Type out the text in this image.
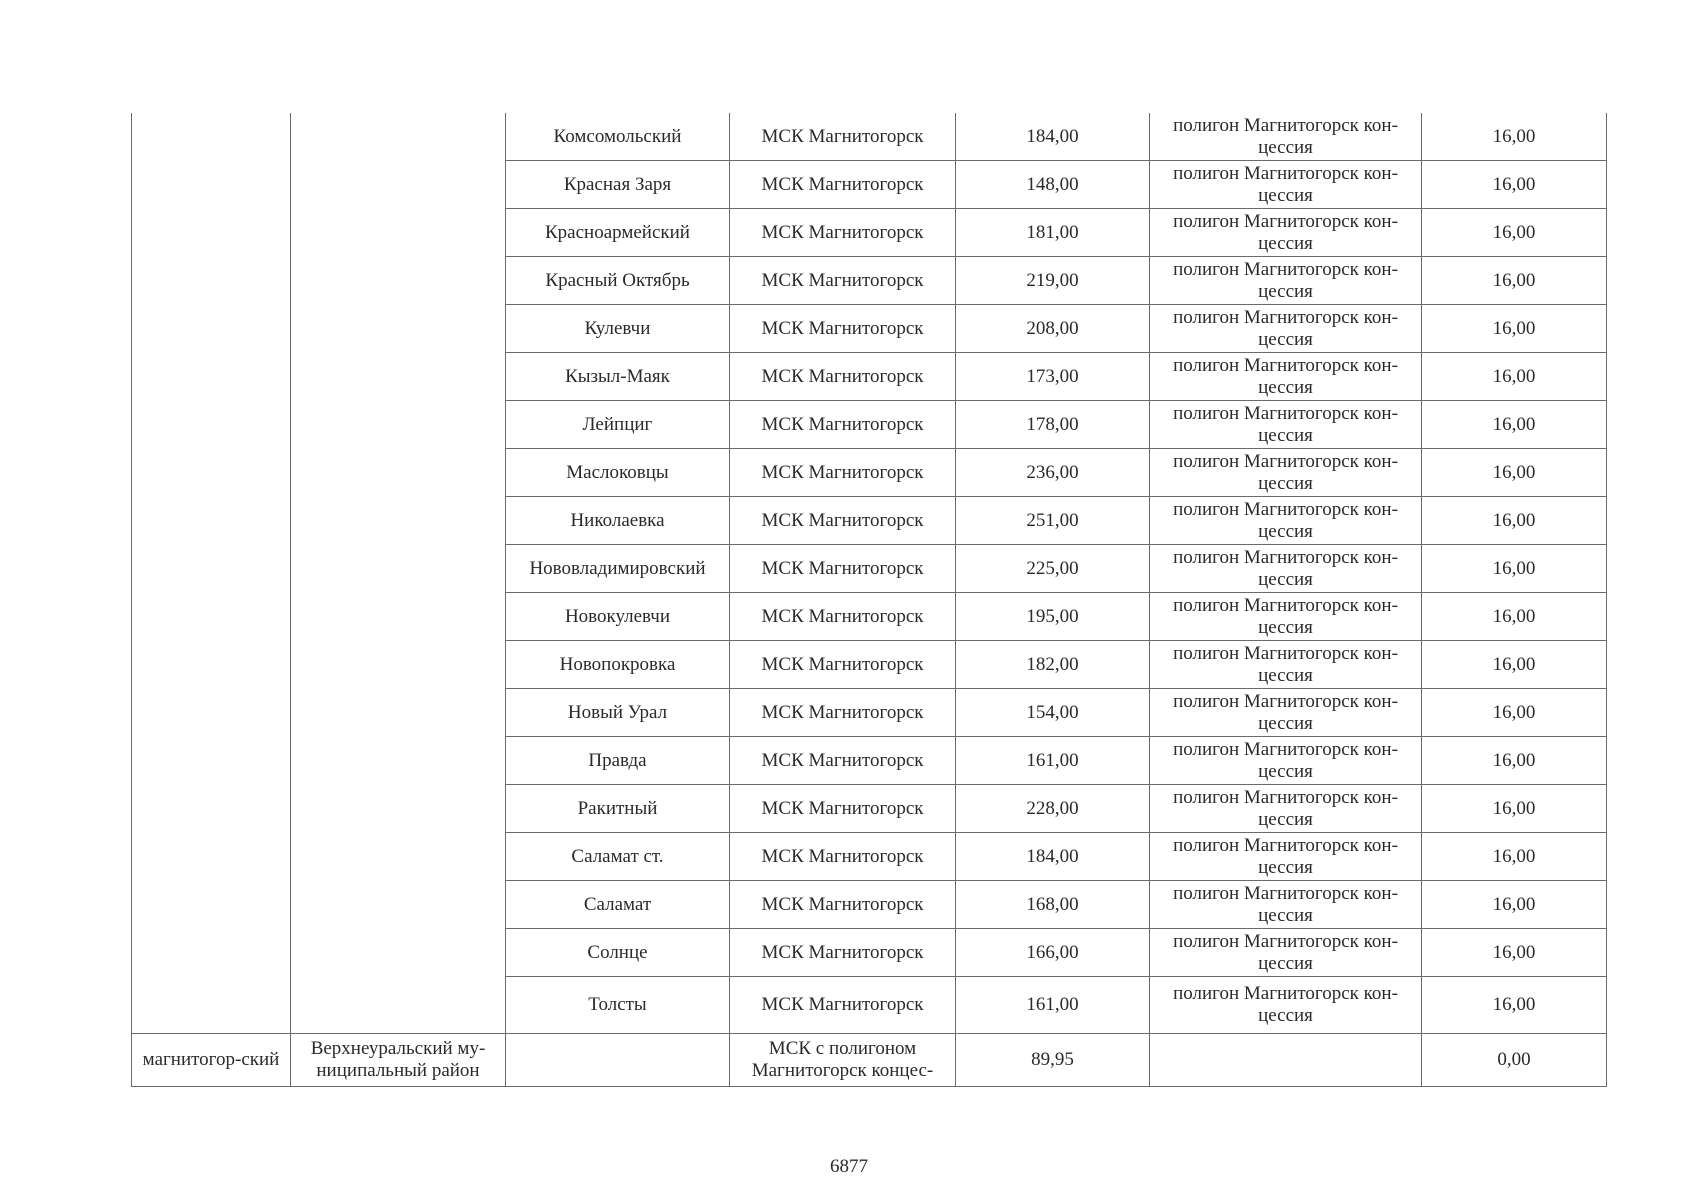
		Комсомольский	МСК Магнитогорск	184,00	полигон Магнитогорск кон-цессия	16,00
		Красная Заря	МСК Магнитогорск	148,00	полигон Магнитогорск кон-цессия	16,00
		Красноармейский	МСК Магнитогорск	181,00	полигон Магнитогорск кон-цессия	16,00
		Красный Октябрь	МСК Магнитогорск	219,00	полигон Магнитогорск кон-цессия	16,00
		Кулевчи	МСК Магнитогорск	208,00	полигон Магнитогорск кон-цессия	16,00
		Кызыл-Маяк	МСК Магнитогорск	173,00	полигон Магнитогорск кон-цессия	16,00
		Лейпциг	МСК Магнитогорск	178,00	полигон Магнитогорск кон-цессия	16,00
		Маслоковцы	МСК Магнитогорск	236,00	полигон Магнитогорск кон-цессия	16,00
		Николаевка	МСК Магнитогорск	251,00	полигон Магнитогорск кон-цессия	16,00
		Нововладимировский	МСК Магнитогорск	225,00	полигон Магнитогорск кон-цессия	16,00
		Новокулевчи	МСК Магнитогорск	195,00	полигон Магнитогорск кон-цессия	16,00
		Новопокровка	МСК Магнитогорск	182,00	полигон Магнитогорск кон-цессия	16,00
		Новый Урал	МСК Магнитогорск	154,00	полигон Магнитогорск кон-цессия	16,00
		Правда	МСК Магнитогорск	161,00	полигон Магнитогорск кон-цессия	16,00
		Ракитный	МСК Магнитогорск	228,00	полигон Магнитогорск кон-цессия	16,00
		Саламат ст.	МСК Магнитогорск	184,00	полигон Магнитогорск кон-цессия	16,00
		Саламат	МСК Магнитогорск	168,00	полигон Магнитогорск кон-цессия	16,00
		Солнце	МСК Магнитогорск	166,00	полигон Магнитогорск кон-цессия	16,00
		Толсты	МСК Магнитогорск	161,00	полигон Магнитогорск кон-цессия	16,00
магнитогор-ский	Верхнеуральский му-ниципальный район		МСК с полигоном Магнитогорск концес-	89,95		0,00
6877
